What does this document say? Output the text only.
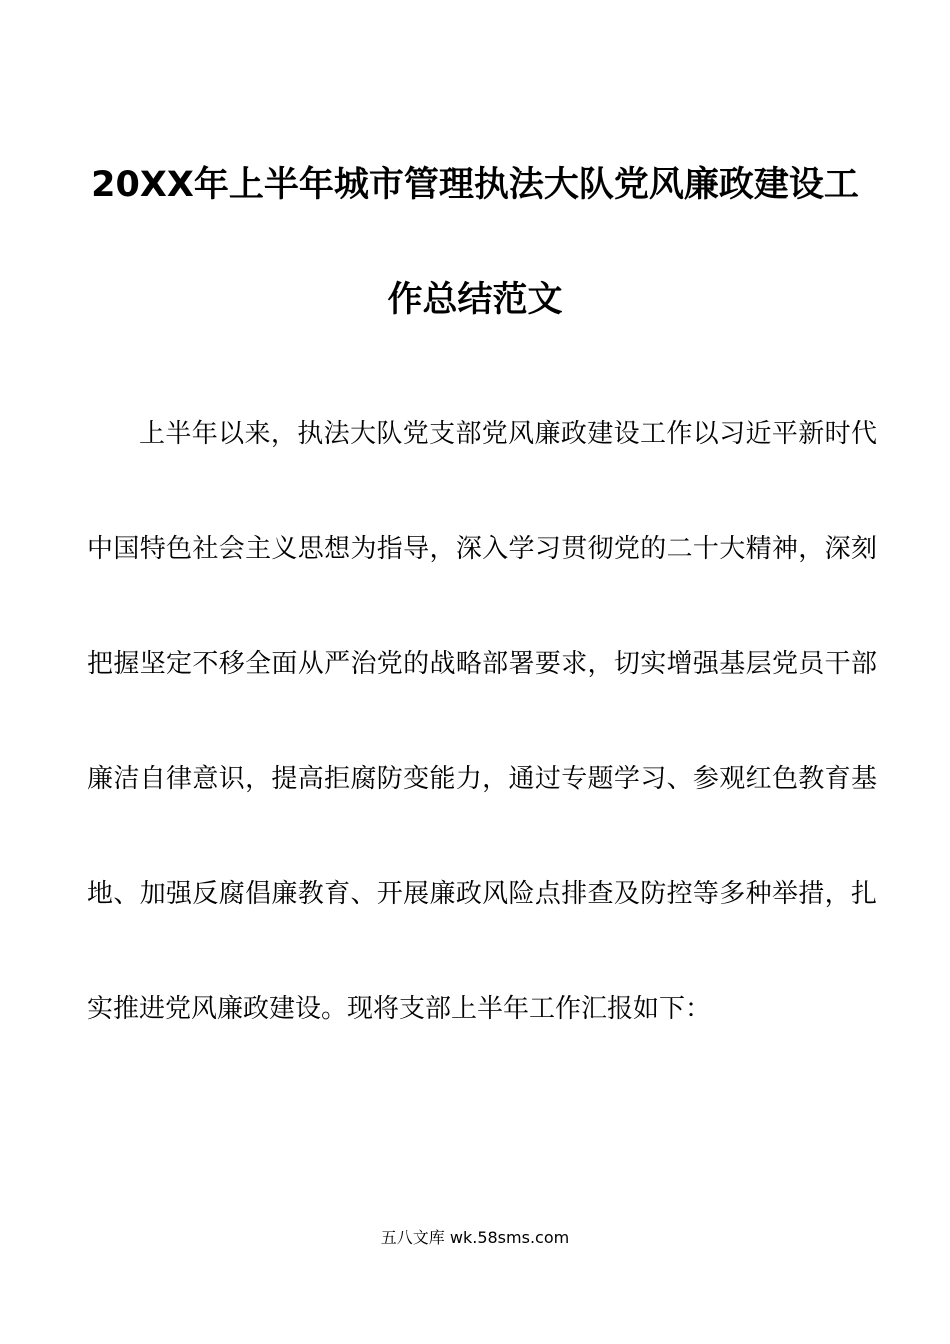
20XX年上半年城市管理执法大队党风廉政建设工
作总结范文

上半年以来，执法大队党支部党风廉政建设工作以习近平新时代

中国特色社会主义思想为指导，深入学习贯彻党的二十大精神，深刻

把握坚定不移全面从严治党的战略部署要求，切实增强基层党员干部

廉洁自律意识，提高拒腐防变能力，通过专题学习、参观红色教育基

地、加强反腐倡廉教育、开展廉政风险点排查及防控等多种举措，扎

实推进党风廉政建设。现将支部上半年工作汇报如下：

五八文库 wk.58sms.com
